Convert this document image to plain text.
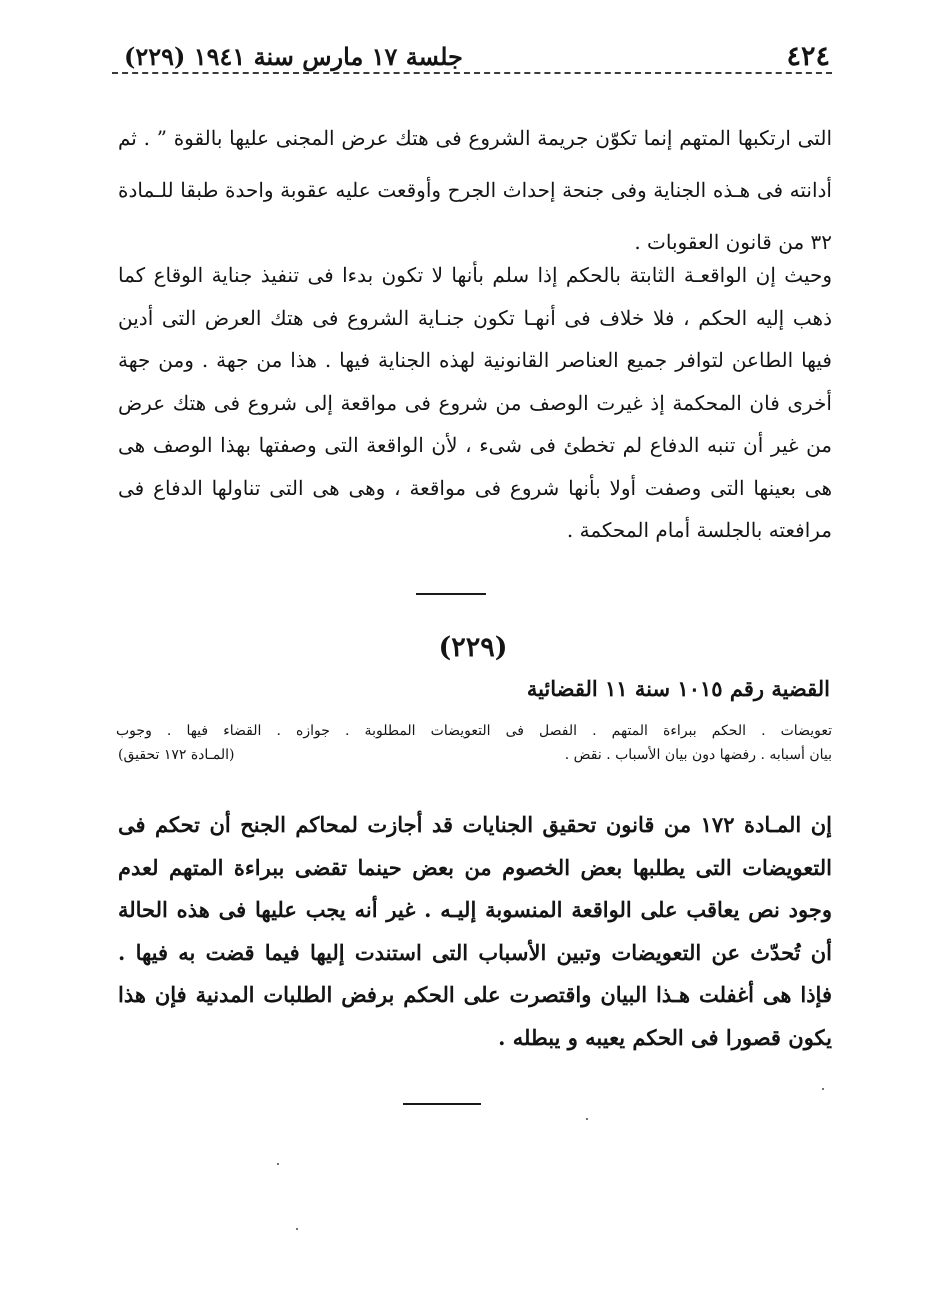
٤٢٤
جلسة ١٧ مارس سنة ١٩٤١ (٢٢٩)

التى ارتكبها المتهم إنما تكوّن جريمة الشروع فى هتك عرض المجنى عليها بالقوة ” . ثم أدانته فى هـذه الجناية وفى جنحة إحداث الجرح وأوقعت عليه عقوبة واحدة طبقا للـمادة ٣٢ من قانون العقوبات .

وحيث إن الواقعـة الثابتة بالحكم إذا سلم بأنها لا تكون بدءا فى تنفيذ جناية الوقاع كما ذهب إليه الحكم ، فلا خلاف فى أنهـا تكون جنـاية الشروع فى هتك العرض التى أدين فيها الطاعن لتوافر جميع العناصر القانونية لهذه الجناية فيها . هذا من جهة . ومن جهة أخرى فان المحكمة إذ غيرت الوصف من شروع فى مواقعة إلى شروع فى هتك عرض من غير أن تنبه الدفاع لم تخطئ فى شىء ، لأن الواقعة التى وصفتها بهذا الوصف هى هى بعينها التى وصفت أولا بأنها شروع فى مواقعة ، وهى هى التى تناولها الدفاع فى مرافعته بالجلسة أمام المحكمة .

(٢٢٩)
القضية رقم ١٠١٥ سنة ١١ القضائية
تعويضات . الحكم ببراءة المتهم . الفصل فى التعويضات المطلوبة . جوازه . القضاء فيها . وجوب
بيان أسبابه . رفضها دون بيان الأسباب . نقض .
(المـادة ١٧٢ تحقيق)

إن المـادة ١٧٢ من قانون تحقيق الجنايات قد أجازت لمحاكم الجنح أن تحكم فى التعويضات التى يطلبها بعض الخصوم من بعض حينما تقضى ببراءة المتهم لعدم وجود نص يعاقب على الواقعة المنسوبة إليـه . غير أنه يجب عليها فى هذه الحالة أن تُحدّث عن التعويضات وتبين الأسباب التى استندت إليها فيما قضت به فيها . فإذا هى أغفلت هـذا البيان واقتصرت على الحكم برفض الطلبات المدنية فإن هذا يكون قصورا فى الحكم يعيبه و يبطله .
